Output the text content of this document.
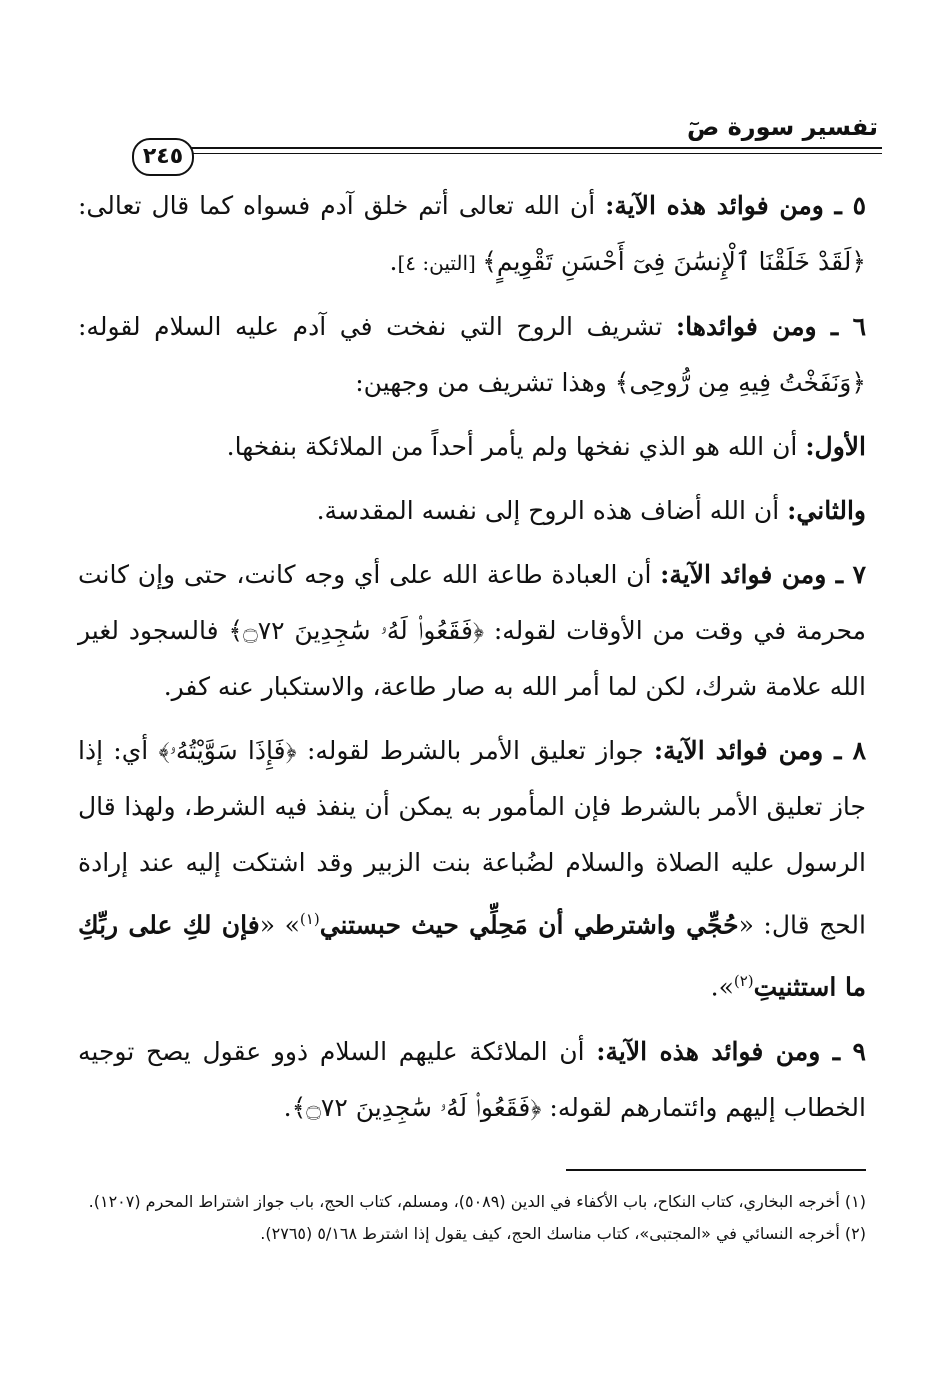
تفسير سورة صٓ
٢٤٥

٥ ـ ومن فوائد هذه الآية: أن الله تعالى أتم خلق آدم فسواه كما قال تعالى: ﴿لَقَدْ خَلَقْنَا ٱلْإِنسَٰنَ فِىٓ أَحْسَنِ تَقْوِيمٍ﴾ [التين: ٤].

٦ ـ ومن فوائدها: تشريف الروح التي نفخت في آدم عليه السلام لقوله: ﴿وَنَفَخْتُ فِيهِ مِن رُّوحِى﴾ وهذا تشريف من وجهين:

الأول: أن الله هو الذي نفخها ولم يأمر أحداً من الملائكة بنفخها.

والثاني: أن الله أضاف هذه الروح إلى نفسه المقدسة.

٧ ـ ومن فوائد الآية: أن العبادة طاعة الله على أي وجه كانت، حتى وإن كانت محرمة في وقت من الأوقات لقوله: ﴿فَقَعُوا۟ لَهُۥ سَٰجِدِينَ ۝٧٢﴾ فالسجود لغير الله علامة شرك، لكن لما أمر الله به صار طاعة، والاستكبار عنه كفر.

٨ ـ ومن فوائد الآية: جواز تعليق الأمر بالشرط لقوله: ﴿فَإِذَا سَوَّيْتُهُۥ﴾ أي: إذا جاز تعليق الأمر بالشرط فإن المأمور به يمكن أن ينفذ فيه الشرط، ولهذا قال الرسول عليه الصلاة والسلام لضُباعة بنت الزبير وقد اشتكت إليه عند إرادة الحج قال: «حُجِّي واشترطي أن مَحِلِّي حيث حبستني$^{(١)}$» «فإن لكِ على ربِّكِ ما استثنيتِ$^{(٢)}$».

٩ ـ ومن فوائد هذه الآية: أن الملائكة عليهم السلام ذوو عقول يصح توجيه الخطاب إليهم وائتمارهم لقوله: ﴿فَقَعُوا۟ لَهُۥ سَٰجِدِينَ ۝٧٢﴾.

(١) أخرجه البخاري، كتاب النكاح، باب الأكفاء في الدين (٥٠٨٩)، ومسلم، كتاب الحج، باب جواز اشتراط المحرم (١٢٠٧).

(٢) أخرجه النسائي في «المجتبى»، كتاب مناسك الحج، كيف يقول إذا اشترط ٥/١٦٨ (٢٧٦٥).
